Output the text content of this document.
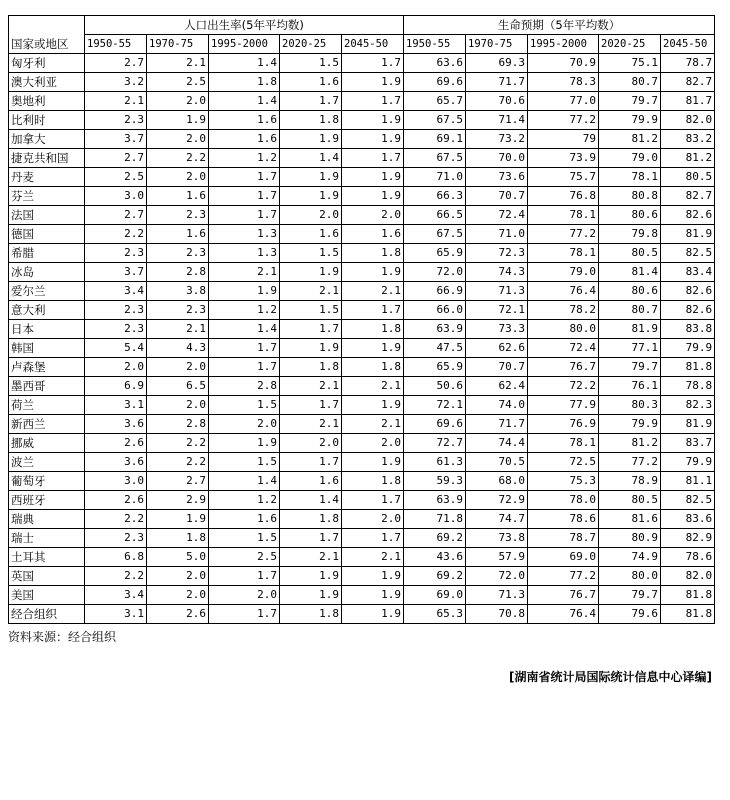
	人口出生率(5年平均数)					生命预期（5年平均数）				
国家或地区	1950-55	1970-75	1995-2000	2020-25	2045-50	1950-55	1970-75	1995-2000	2020-25	2045-50
匈牙利	2.7	2.1	1.4	1.5	1.7	63.6	69.3	70.9	75.1	78.7
澳大利亚	3.2	2.5	1.8	1.6	1.9	69.6	71.7	78.3	80.7	82.7
奥地利	2.1	2.0	1.4	1.7	1.7	65.7	70.6	77.0	79.7	81.7
比利时	2.3	1.9	1.6	1.8	1.9	67.5	71.4	77.2	79.9	82.0
加拿大	3.7	2.0	1.6	1.9	1.9	69.1	73.2	79	81.2	83.2
捷克共和国	2.7	2.2	1.2	1.4	1.7	67.5	70.0	73.9	79.0	81.2
丹麦	2.5	2.0	1.7	1.9	1.9	71.0	73.6	75.7	78.1	80.5
芬兰	3.0	1.6	1.7	1.9	1.9	66.3	70.7	76.8	80.8	82.7
法国	2.7	2.3	1.7	2.0	2.0	66.5	72.4	78.1	80.6	82.6
德国	2.2	1.6	1.3	1.6	1.6	67.5	71.0	77.2	79.8	81.9
希腊	2.3	2.3	1.3	1.5	1.8	65.9	72.3	78.1	80.5	82.5
冰岛	3.7	2.8	2.1	1.9	1.9	72.0	74.3	79.0	81.4	83.4
爱尔兰	3.4	3.8	1.9	2.1	2.1	66.9	71.3	76.4	80.6	82.6
意大利	2.3	2.3	1.2	1.5	1.7	66.0	72.1	78.2	80.7	82.6
日本	2.3	2.1	1.4	1.7	1.8	63.9	73.3	80.0	81.9	83.8
韩国	5.4	4.3	1.7	1.9	1.9	47.5	62.6	72.4	77.1	79.9
卢森堡	2.0	2.0	1.7	1.8	1.8	65.9	70.7	76.7	79.7	81.8
墨西哥	6.9	6.5	2.8	2.1	2.1	50.6	62.4	72.2	76.1	78.8
荷兰	3.1	2.0	1.5	1.7	1.9	72.1	74.0	77.9	80.3	82.3
新西兰	3.6	2.8	2.0	2.1	2.1	69.6	71.7	76.9	79.9	81.9
挪威	2.6	2.2	1.9	2.0	2.0	72.7	74.4	78.1	81.2	83.7
波兰	3.6	2.2	1.5	1.7	1.9	61.3	70.5	72.5	77.2	79.9
葡萄牙	3.0	2.7	1.4	1.6	1.8	59.3	68.0	75.3	78.9	81.1
西班牙	2.6	2.9	1.2	1.4	1.7	63.9	72.9	78.0	80.5	82.5
瑞典	2.2	1.9	1.6	1.8	2.0	71.8	74.7	78.6	81.6	83.6
瑞士	2.3	1.8	1.5	1.7	1.7	69.2	73.8	78.7	80.9	82.9
土耳其	6.8	5.0	2.5	2.1	2.1	43.6	57.9	69.0	74.9	78.6
英国	2.2	2.0	1.7	1.9	1.9	69.2	72.0	77.2	80.0	82.0
美国	3.4	2.0	2.0	1.9	1.9	69.0	71.3	76.7	79.7	81.8
经合组织	3.1	2.6	1.7	1.8	1.9	65.3	70.8	76.4	79.6	81.8
资料来源：经合组织
[湖南省统计局国际统计信息中心译编]
